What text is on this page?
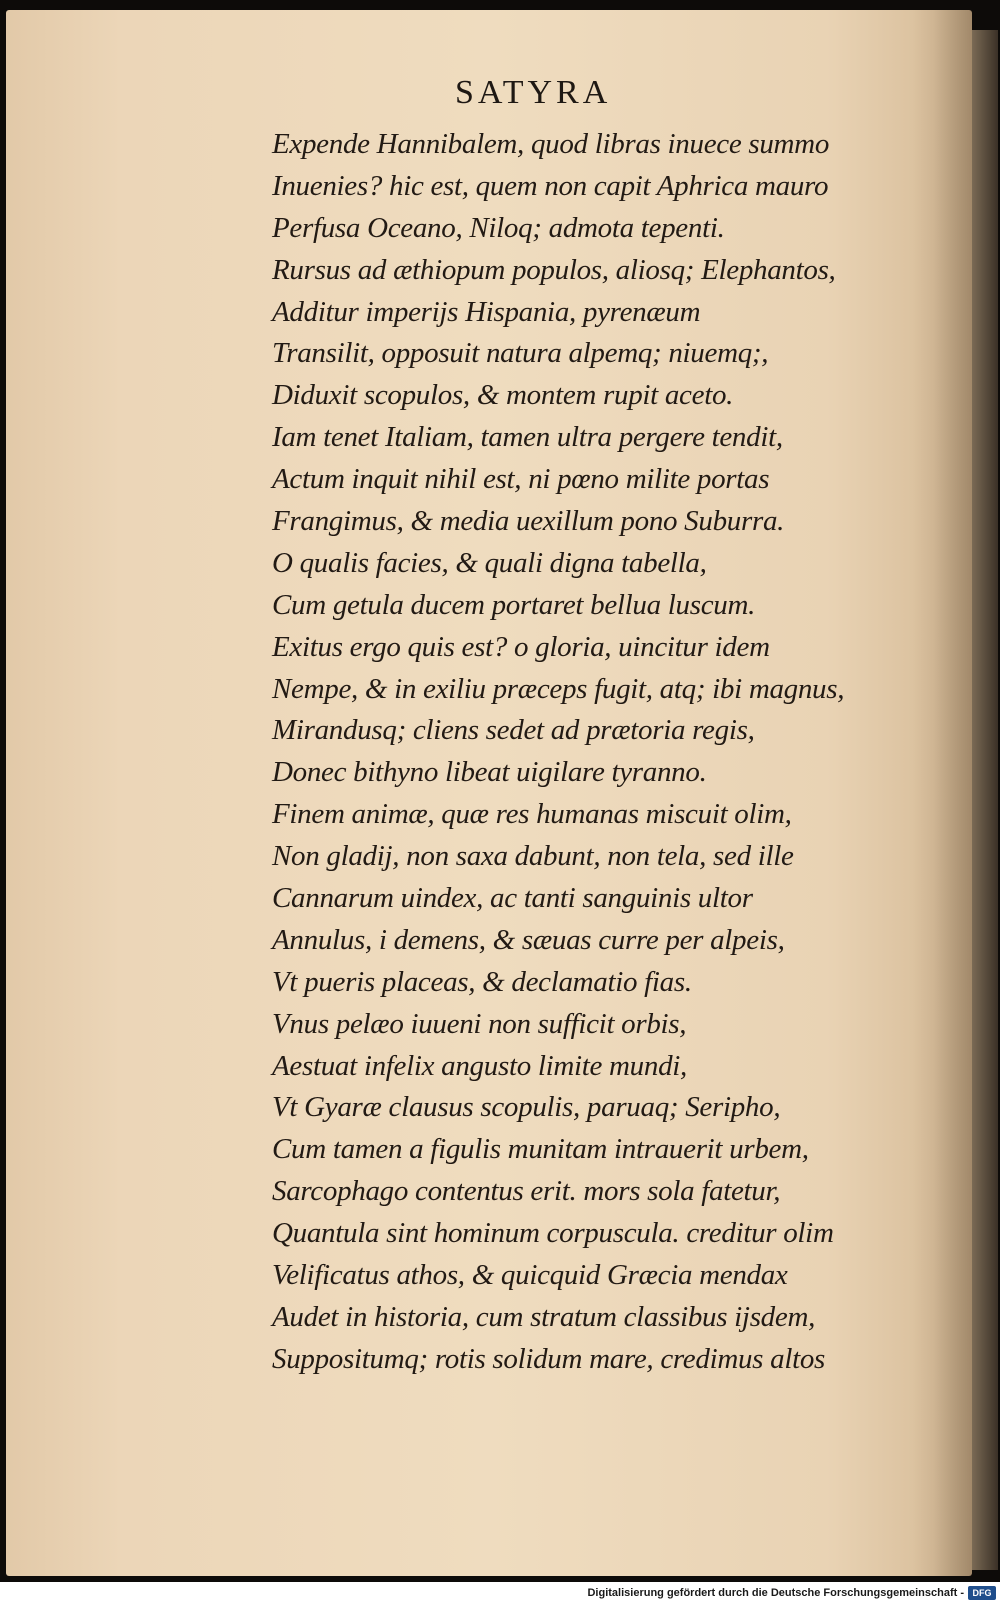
SATYRA
Expende Hannibalem, quod libras inuece summo
Inuenies? hic est, quem non capit Aphrica mauro
Perfusa Oceano, Niloq; admota tepenti.
Rursus ad æthiopum populos, aliosq; Elephantos,
Additur imperijs Hispania, pyrenæum
Transilit, opposuit natura alpemq; niuemq;,
Diduxit scopulos, & montem rupit aceto.
Iam tenet Italiam, tamen ultra pergere tendit,
Actum inquit nihil est, ni pœno milite portas
Frangimus, & media uexillum pono Suburra.
O qualis facies, & quali digna tabella,
Cum getula ducem portaret bellua luscum.
Exitus ergo quis est? o gloria, uincitur idem
Nempe, & in exiliu præceps fugit, atq; ibi magnus,
Mirandusq; cliens sedet ad prætoria regis,
Donec bithyno libeat uigilare tyranno.
Finem animæ, quæ res humanas miscuit olim,
Non gladij, non saxa dabunt, non tela, sed ille
Cannarum uindex, ac tanti sanguinis ultor
Annulus, i demens, & sæuas curre per alpeis,
Vt pueris placeas, & declamatio fias.
Vnus pelæo iuueni non sufficit orbis,
Aestuat infelix angusto limite mundi,
Vt Gyaræ clausus scopulis, paruaq; Seripho,
Cum tamen a figulis munitam intrauerit urbem,
Sarcophago contentus erit. mors sola fatetur,
Quantula sint hominum corpuscula. creditur olim
Velificatus athos, & quicquid Græcia mendax
Audet in historia, cum stratum classibus ijsdem,
Suppositumq; rotis solidum mare, credimus altos
Digitalisierung gefördert durch die Deutsche Forschungsgemeinschaft - DFG
